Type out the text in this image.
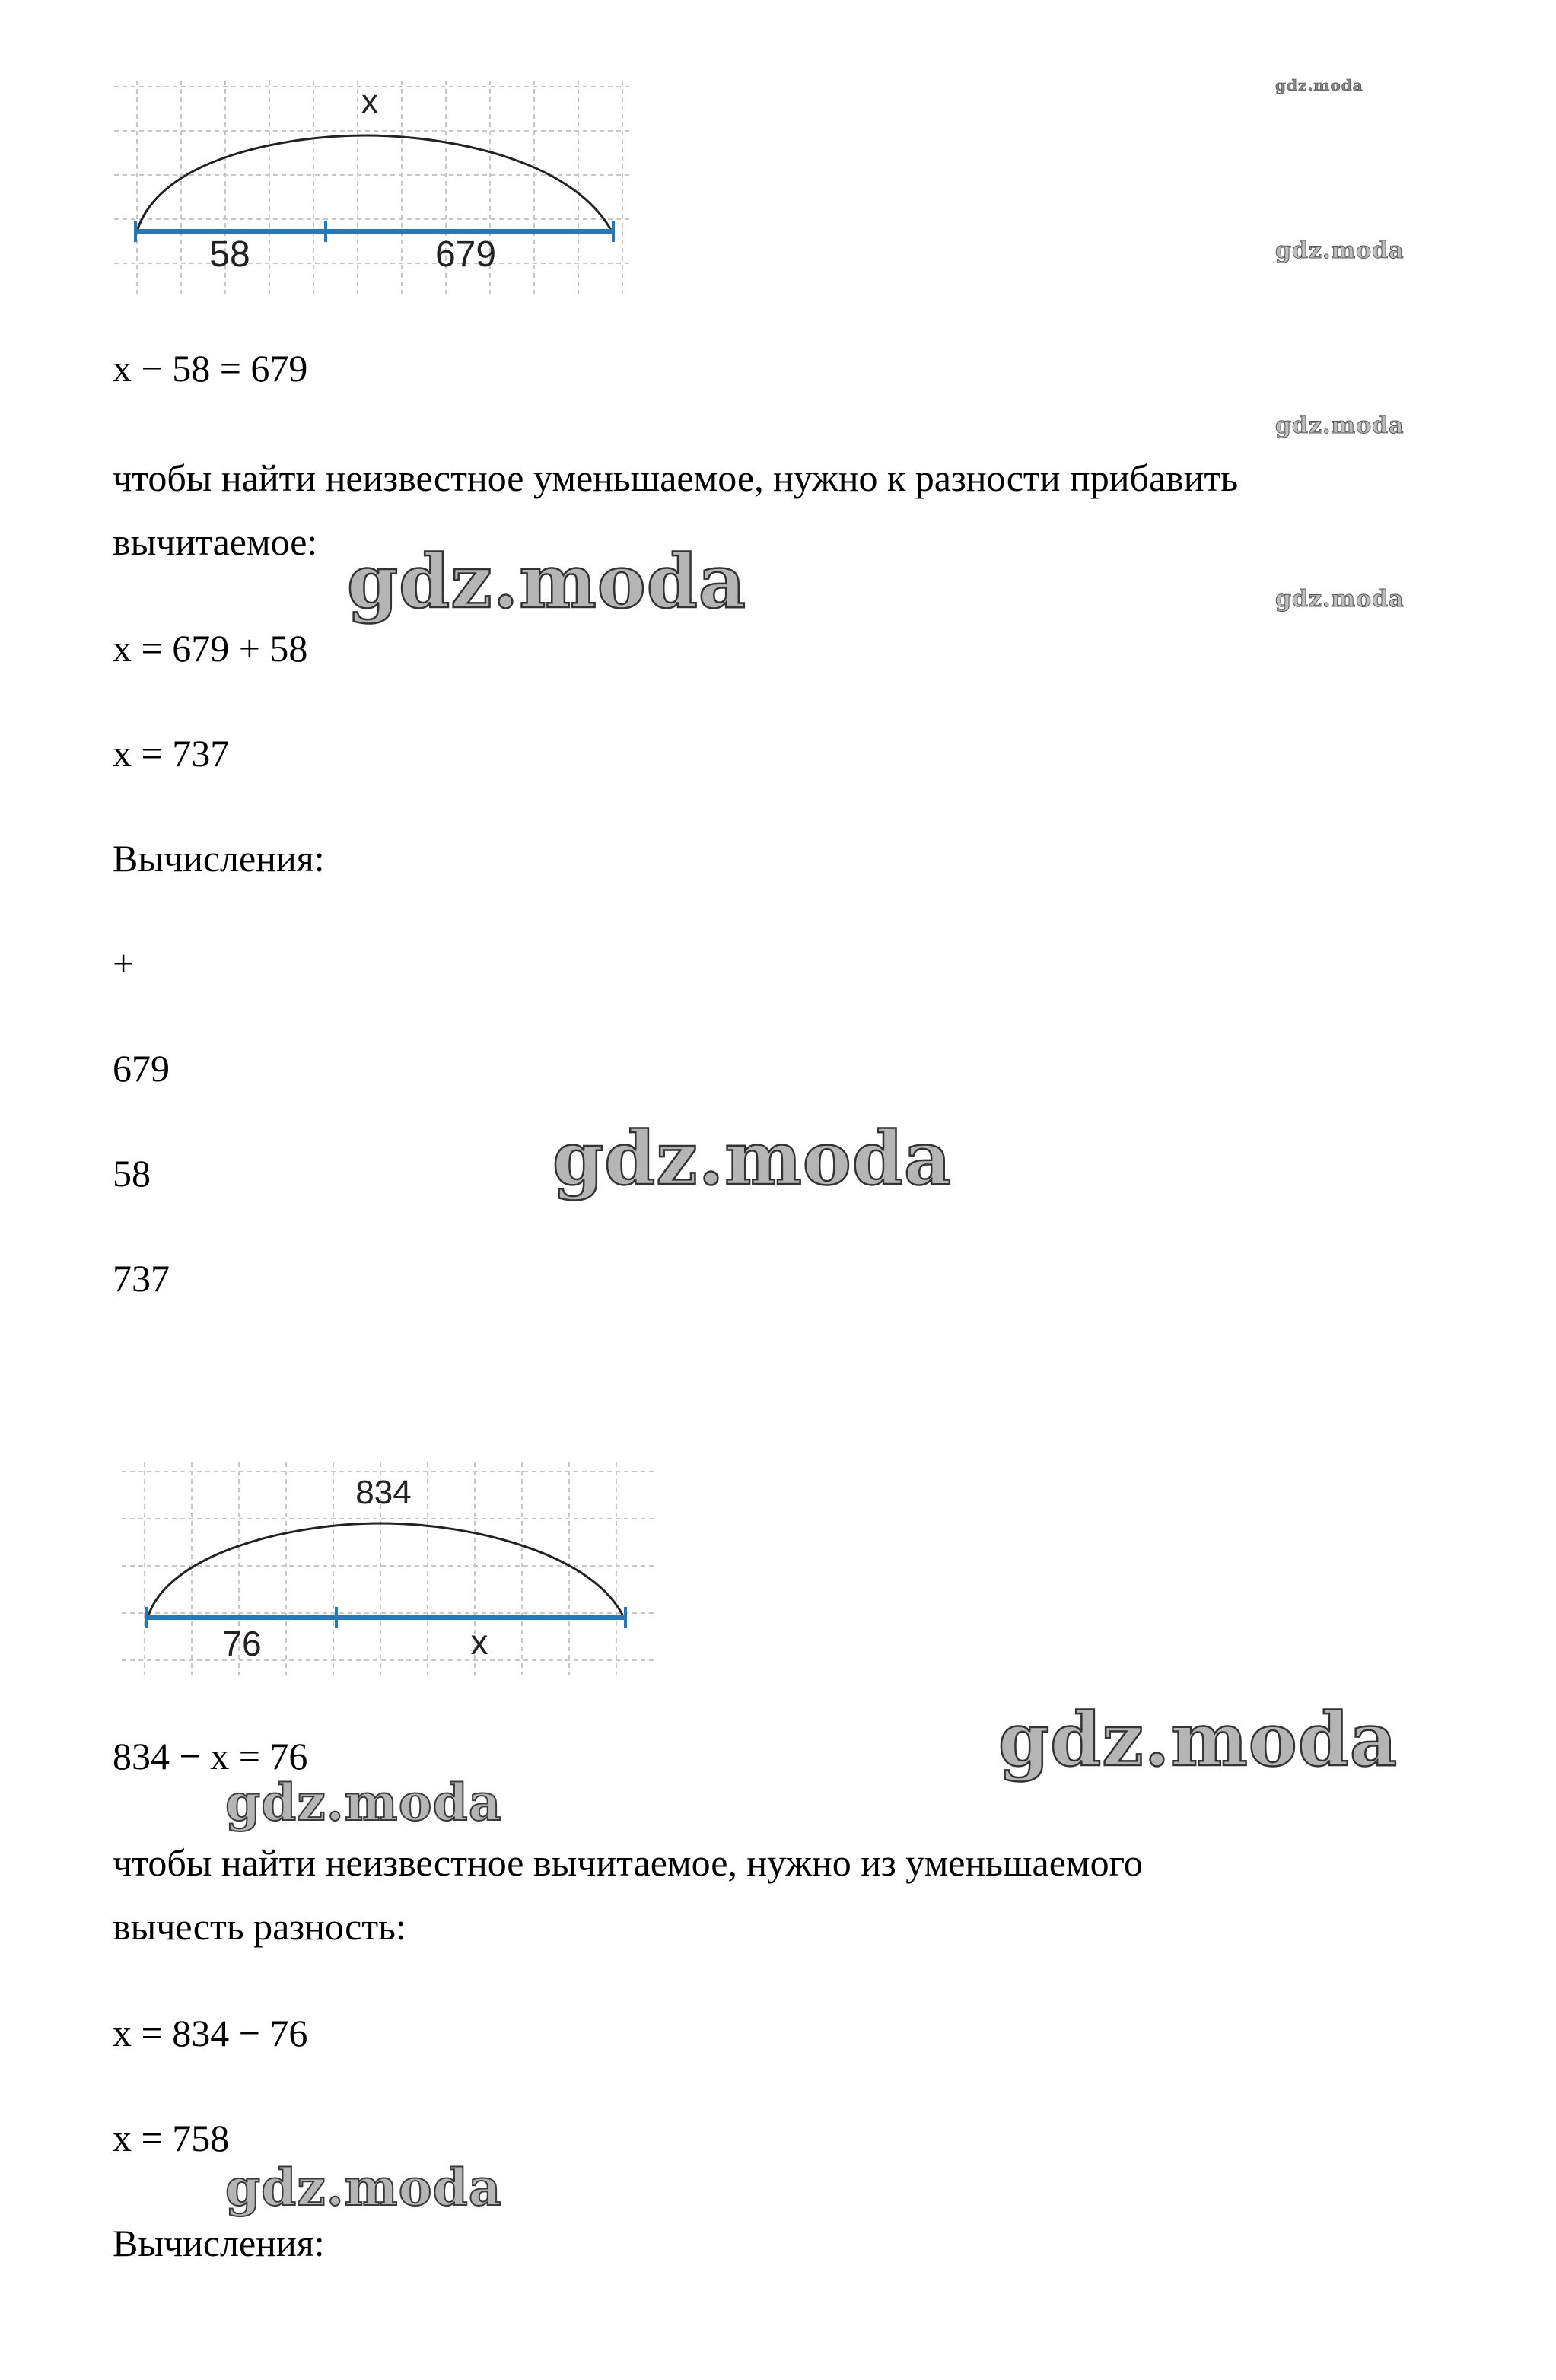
x
58	679
x − 58 = 679
чтобы найти неизвестное уменьшаемое, нужно к разности прибавить
вычитаемое:
x = 679 + 58
x = 737
Вычисления:
+
679
58
737
834
76	x
834 − x = 76
чтобы найти неизвестное вычитаемое, нужно из уменьшаемого
вычесть разность:
x = 834 − 76
x = 758
Вычисления:
gdz.moda
gdz.moda
gdz.moda
gdz.moda
gdz.moda
gdz.moda
gdz.moda
gdz.moda
gdz.moda
